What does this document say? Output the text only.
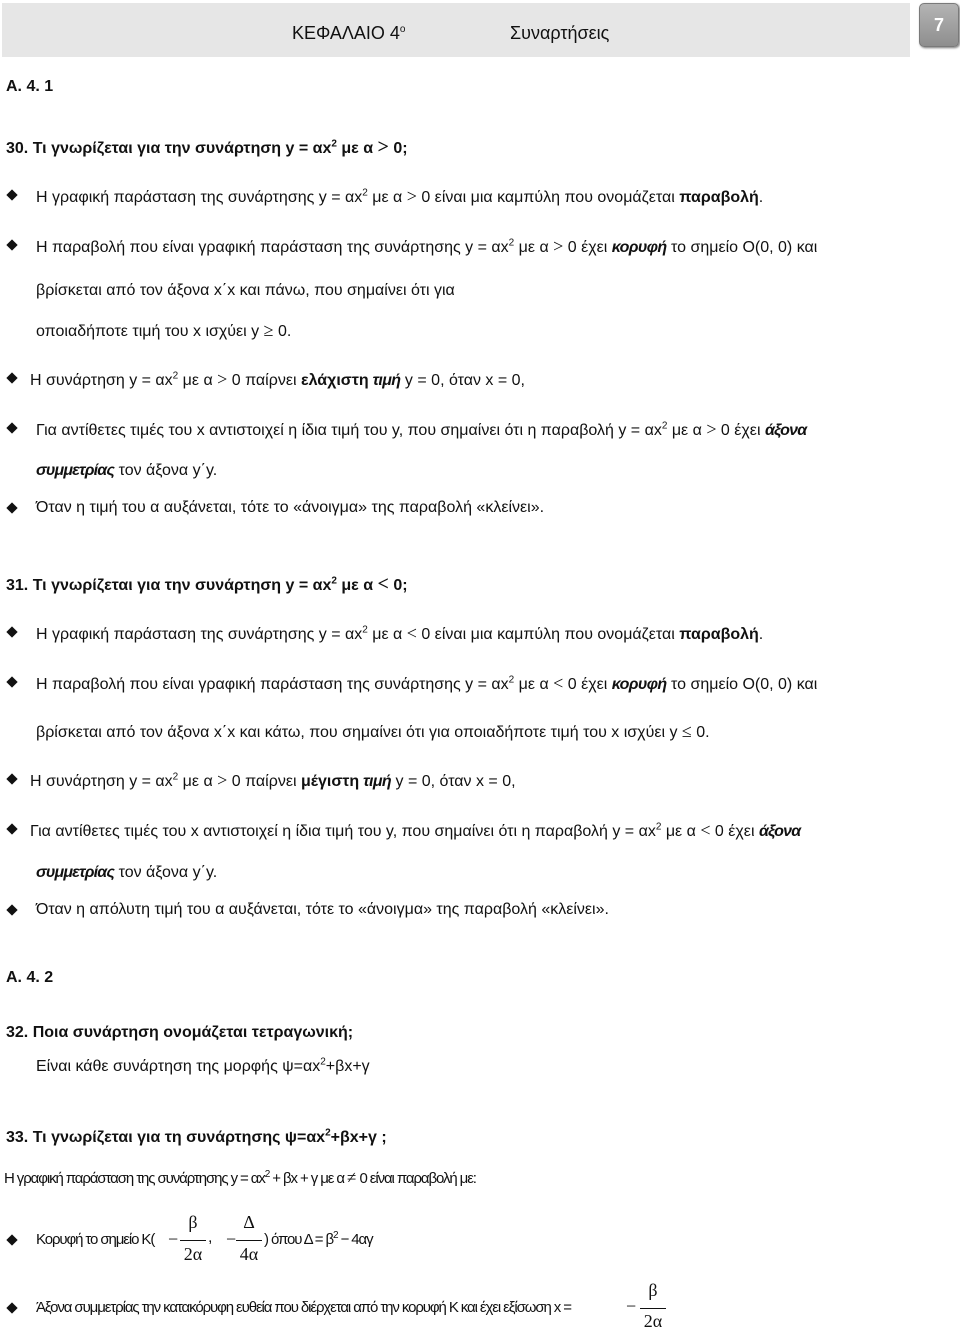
ΚΕΦΑΛΑΙΟ $4^o$	Συναρτήσεις	7
Α. 4. 1
30. Τι γνωρίζεται για την συνάρτηση $y = \alpha x^2$ με α > 0;
Η γραφική παράσταση της συνάρτησης $y = \alpha x^2$ με α > 0 είναι μια καμπύλη που ονομάζεται παραβολή.
Η παραβολή που είναι γραφική παράσταση της συνάρτησης $y = \alpha x^2$ με α > 0 έχει κορυφή το σημείο Ο(0, 0) και
βρίσκεται από τον άξονα x΄x και πάνω, που σημαίνει ότι για
οποιαδήποτε τιμή του x ισχύει y ≥ 0.
Η συνάρτηση $y = \alpha x^2$ με α > 0 παίρνει ελάχιστη τιμή y = 0, όταν x = 0,
Για αντίθετες τιμές του x αντιστοιχεί η ίδια τιμή του y, που σημαίνει ότι η παραβολή $y = \alpha x^2$ με α > 0 έχει άξονα
συμμετρίας τον άξονα y΄y.
Όταν η τιμή του α αυξάνεται, τότε το «άνοιγμα» της παραβολή «κλείνει».
31. Τι γνωρίζεται για την συνάρτηση $y = \alpha x^2$ με α < 0;
Η γραφική παράσταση της συνάρτησης $y = \alpha x^2$ με α < 0 είναι μια καμπύλη που ονομάζεται παραβολή.
Η παραβολή που είναι γραφική παράσταση της συνάρτησης $y = \alpha x^2$ με α < 0 έχει κορυφή το σημείο Ο(0, 0) και
βρίσκεται από τον άξονα x΄x και κάτω, που σημαίνει ότι για οποιαδήποτε τιμή του x ισχύει y ≤ 0.
Η συνάρτηση $y = \alpha x^2$ με α > 0 παίρνει μέγιστη τιμή y = 0, όταν x = 0,
Για αντίθετες τιμές του x αντιστοιχεί η ίδια τιμή του y, που σημαίνει ότι η παραβολή $y = \alpha x^2$ με α < 0 έχει άξονα
συμμετρίας τον άξονα y΄y.
Όταν η απόλυτη τιμή του α αυξάνεται, τότε το «άνοιγμα» της παραβολή «κλείνει».
Α. 4. 2
32. Ποια συνάρτηση ονομάζεται τετραγωνική;
Είναι κάθε συνάρτηση της μορφής $\psi=\alpha x^2+\beta x+\gamma$
33. Τι γνωρίζεται για τη συνάρτησης $\psi=\alpha x^2+\beta x+\gamma$ ;
Η γραφική παράσταση της συνάρτησης $y = \alpha x^2 + \beta x + \gamma$ με α ≠ 0 είναι παραβολή με:
Κορυφή το σημείο Κ( −
β
2α
, −
Δ
4α
) όπου $\Delta = \beta^2 - 4\alpha\gamma$
Άξονα συμμετρίας την κατακόρυφη ευθεία που διέρχεται από την κορυφή Κ και έχει εξίσωση x =	−
β
2α
